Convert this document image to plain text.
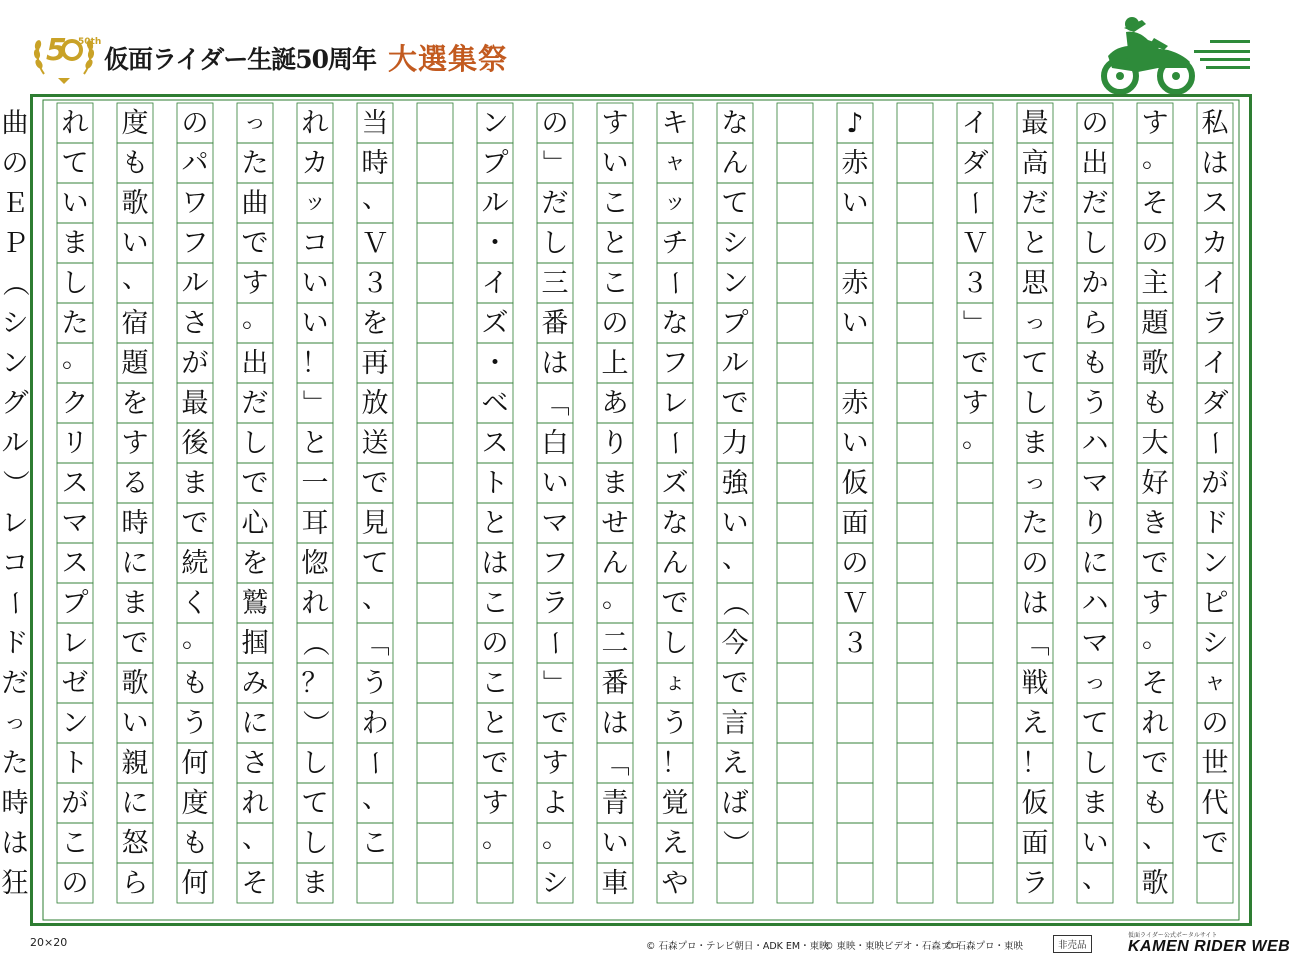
5 50th
仮面ライダー生誕50周年 大選集祭
私
は
ス
カ
イ
ラ
イ
ダ
ー
が
ド
ン
ピ
シ
ャ
の
世
代
で
す
。
そ
の
主
題
歌
も
大
好
き
で
す
。
そ
れ
で
も
、
歌
の
出
だ
し
か
ら
も
う
ハ
マ
り
に
ハ
マ
っ
て
し
ま
い
、
最
高
だ
と
思
っ
て
し
ま
っ
た
の
は
「
戦
え
！
仮
面
ラ
イ
ダ
ー
Ｖ
３
」
で
す
。
♪
赤
い
赤
い
赤
い
仮
面
の
Ｖ
３
な
ん
て
シ
ン
プ
ル
で
力
強
い
、
（
今
で
言
え
ば
）
キ
ャ
ッ
チ
ー
な
フ
レ
ー
ズ
な
ん
で
し
ょ
う
！
覚
え
や
す
い
こ
と
こ
の
上
あ
り
ま
せ
ん
。
二
番
は
「
青
い
車
の
」
だ
し
三
番
は
「
白
い
マ
フ
ラ
ー
」
で
す
よ
。
シ
ン
プ
ル
・
イ
ズ
・
ベ
ス
ト
と
は
こ
の
こ
と
で
す
。
当
時
、
Ｖ
３
を
再
放
送
で
見
て
、
「
う
わ
ー
、
こ
れ
カ
ッ
コ
い
い
！
」
と
一
耳
惚
れ
（
？
）
し
て
し
ま
っ
た
曲
で
す
。
出
だ
し
で
心
を
鷲
掴
み
に
さ
れ
、
そ
の
パ
ワ
フ
ル
さ
が
最
後
ま
で
続
く
。
も
う
何
度
も
何
度
も
歌
い
、
宿
題
を
す
る
時
に
ま
で
歌
い
親
に
怒
ら
れ
て
い
ま
し
た
。
ク
リ
ス
マ
ス
プ
レ
ゼ
ン
ト
が
こ
の
曲
の
Ｅ
Ｐ
（
シ
ン
グ
ル
）
レ
コ
ー
ド
だ
っ
た
時
は
狂
20×20	© 石森プロ・テレビ朝日・ADK EM・東映
© 東映・東映ビデオ・石森プロ
© 石森プロ・東映	非売品
仮面ライダー公式ポータルサイト
KAMEN RIDER WEB
